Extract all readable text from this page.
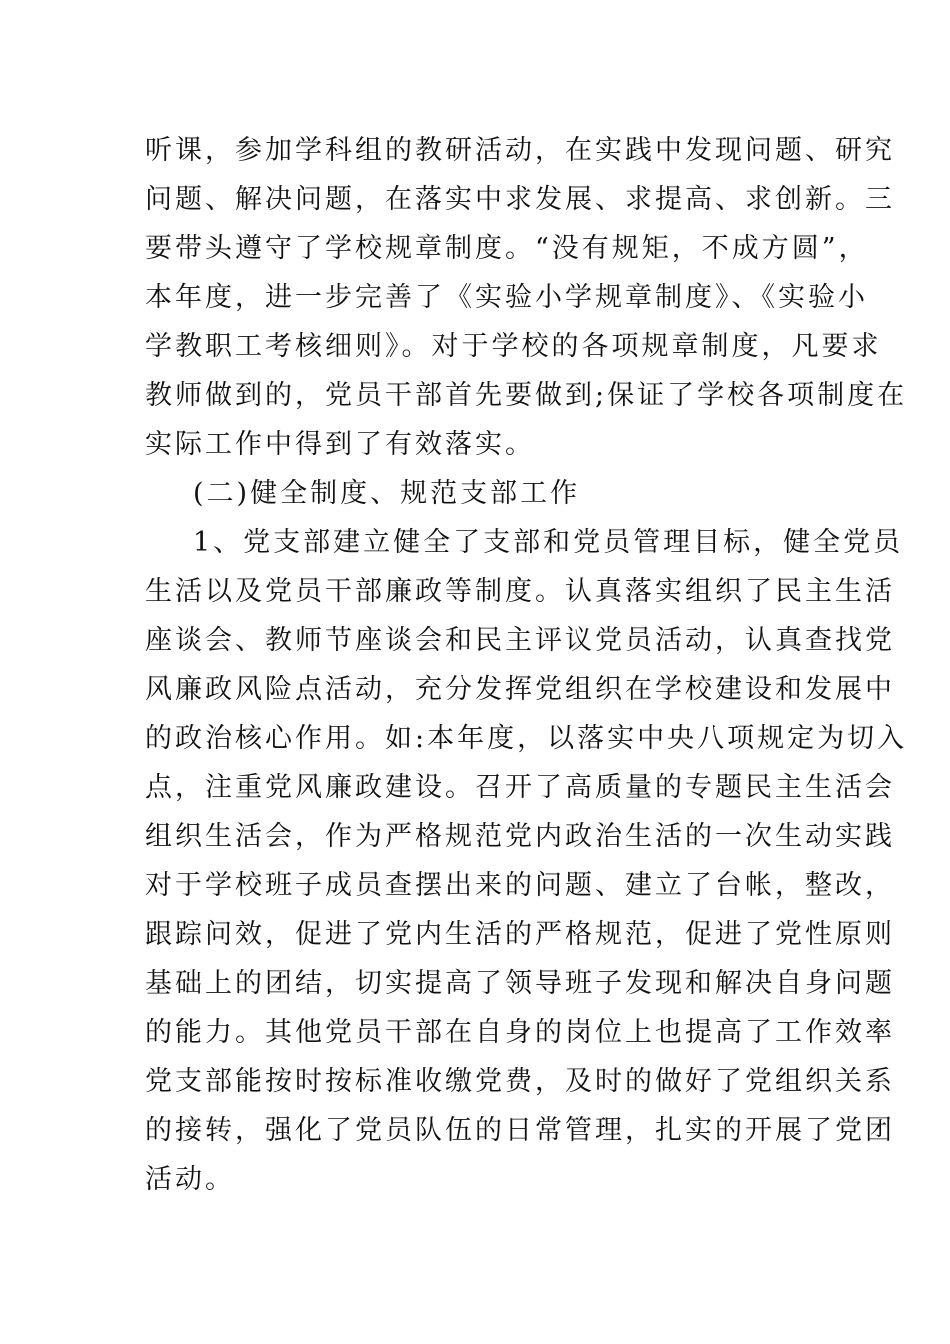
听课，参加学科组的教研活动，在实践中发现问题、研究
问题、解决问题，在落实中求发展、求提高、求创新。三
要带头遵守了学校规章制度。“没有规矩，不成方圆”，
本年度，进一步完善了《实验小学规章制度》、《实验小
学教职工考核细则》。对于学校的各项规章制度，凡要求
教师做到的，党员干部首先要做到;保证了学校各项制度在
实际工作中得到了有效落实。
(二)健全制度、规范支部工作
1、党支部建立健全了支部和党员管理目标，健全党员
生活以及党员干部廉政等制度。认真落实组织了民主生活
座谈会、教师节座谈会和民主评议党员活动，认真查找党
风廉政风险点活动，充分发挥党组织在学校建设和发展中
的政治核心作用。如:本年度，以落实中央八项规定为切入
点，注重党风廉政建设。召开了高质量的专题民主生活会
组织生活会，作为严格规范党内政治生活的一次生动实践
对于学校班子成员查摆出来的问题、建立了台帐，整改，
跟踪问效，促进了党内生活的严格规范，促进了党性原则
基础上的团结，切实提高了领导班子发现和解决自身问题
的能力。其他党员干部在自身的岗位上也提高了工作效率
党支部能按时按标准收缴党费，及时的做好了党组织关系
的接转，强化了党员队伍的日常管理，扎实的开展了党团
活动。
